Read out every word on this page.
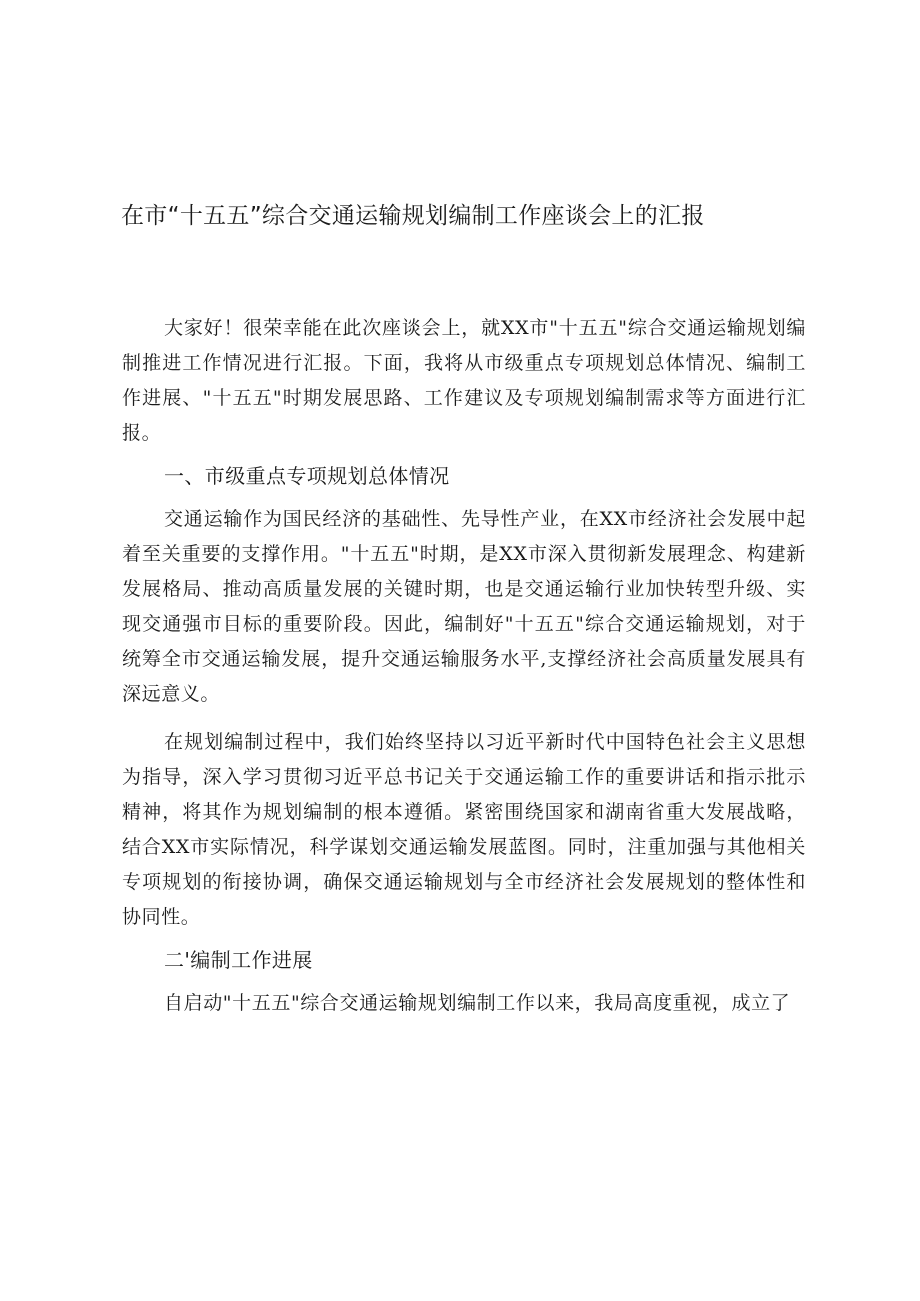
在市“十五五”综合交通运输规划编制工作座谈会上的汇报

大家好！很荣幸能在此次座谈会上，就XX市"十五五"综合交通运输规划编制推进工作情况进行汇报。下面，我将从市级重点专项规划总体情况、编制工作进展、"十五五"时期发展思路、工作建议及专项规划编制需求等方面进行汇报。

一、市级重点专项规划总体情况

交通运输作为国民经济的基础性、先导性产业，在XX市经济社会发展中起着至关重要的支撑作用。"十五五"时期，是XX市深入贯彻新发展理念、构建新发展格局、推动高质量发展的关键时期，也是交通运输行业加快转型升级、实现交通强市目标的重要阶段。因此，编制好"十五五"综合交通运输规划，对于统筹全市交通运输发展，提升交通运输服务水平,支撑经济社会高质量发展具有深远意义。

在规划编制过程中，我们始终坚持以习近平新时代中国特色社会主义思想为指导，深入学习贯彻习近平总书记关于交通运输工作的重要讲话和指示批示精神，将其作为规划编制的根本遵循。紧密围绕国家和湖南省重大发展战略，结合XX市实际情况，科学谋划交通运输发展蓝图。同时，注重加强与其他相关专项规划的衔接协调，确保交通运输规划与全市经济社会发展规划的整体性和协同性。

二'编制工作进展

自启动"十五五"综合交通运输规划编制工作以来，我局高度重视，成立了
